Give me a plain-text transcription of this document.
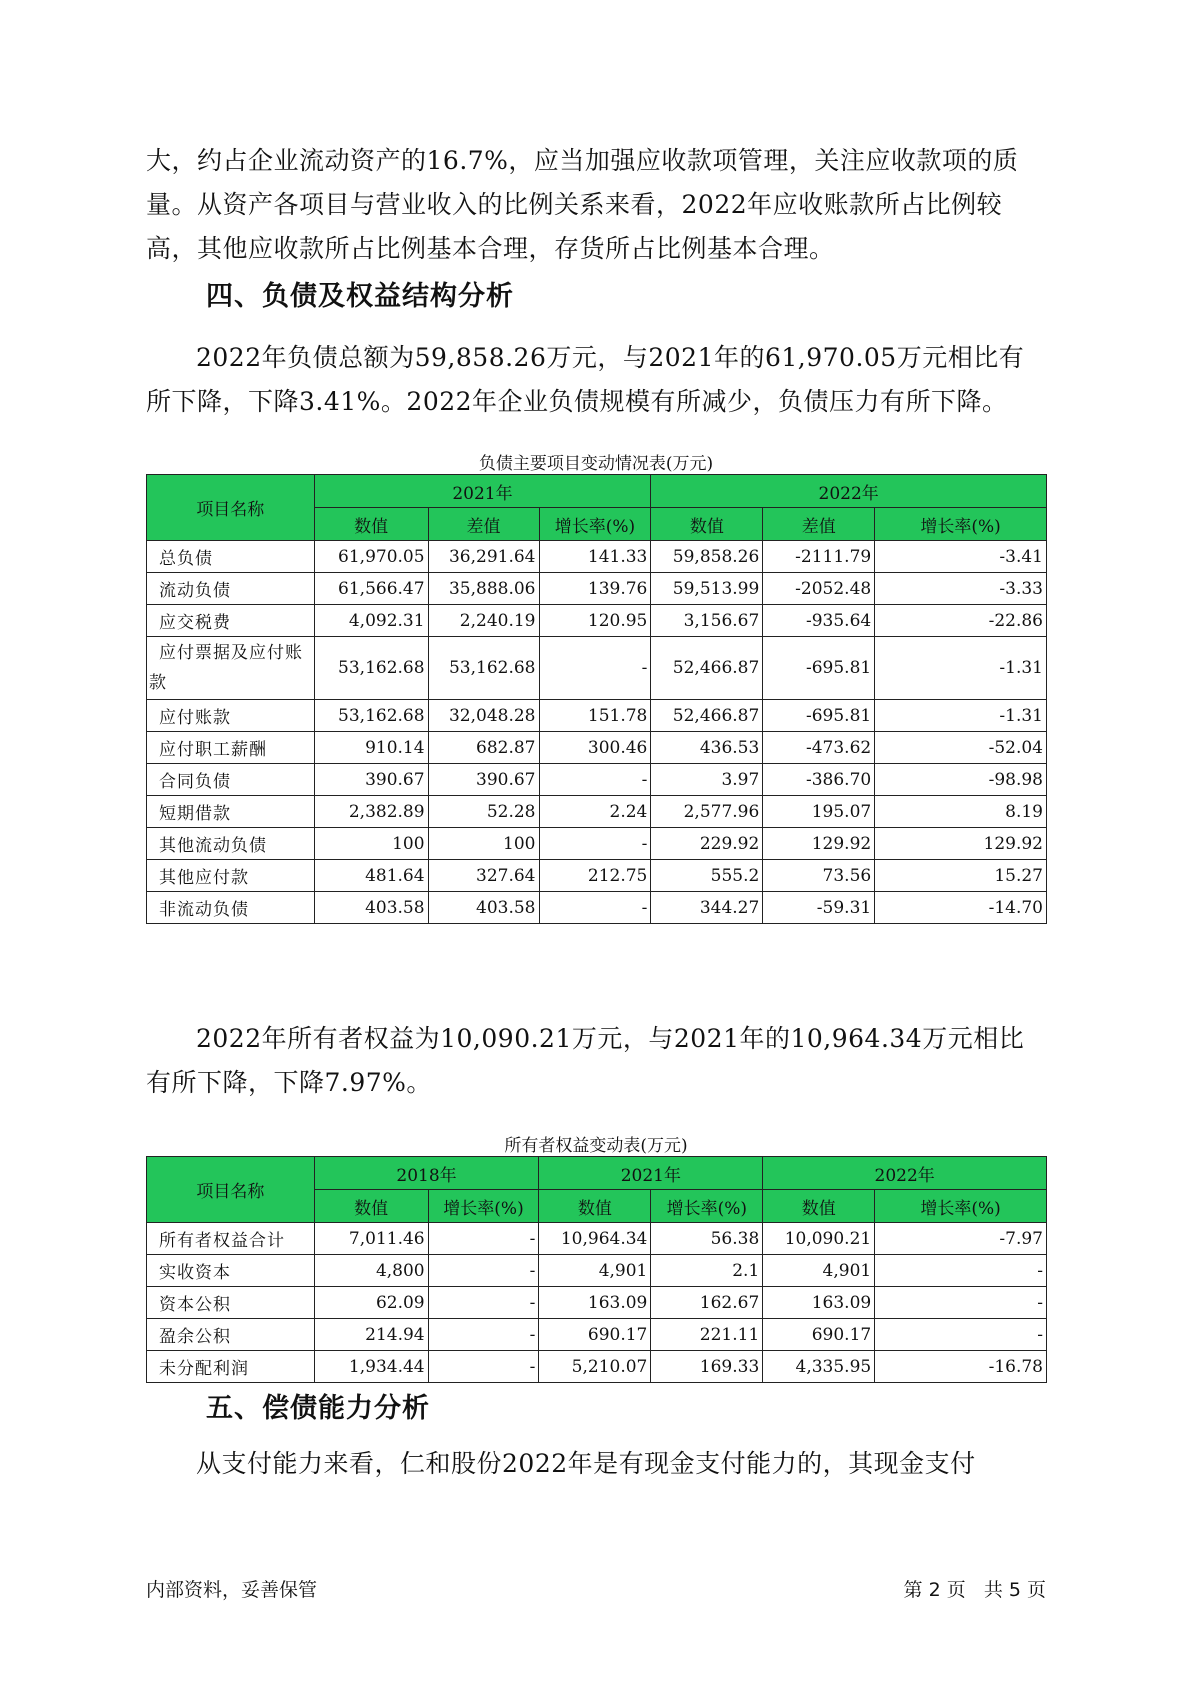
大，约占企业流动资产的16.7%，应当加强应收款项管理，关注应收款项的质量。从资产各项目与营业收入的比例关系来看，2022年应收账款所占比例较高，其他应收款所占比例基本合理，存货所占比例基本合理。

四、负债及权益结构分析

2022年负债总额为59,858.26万元，与2021年的61,970.05万元相比有所下降，下降3.41%。2022年企业负债规模有所减少，负债压力有所下降。

负债主要项目变动情况表(万元)
项目名称	2021年			2022年		
	数值	差值	增长率(%)	数值	差值	增长率(%)
总负债	61,970.05	36,291.64	141.33	59,858.26	-2111.79	-3.41
流动负债	61,566.47	35,888.06	139.76	59,513.99	-2052.48	-3.33
应交税费	4,092.31	2,240.19	120.95	3,156.67	-935.64	-22.86
应付票据及应付账款	53,162.68	53,162.68	-	52,466.87	-695.81	-1.31
应付账款	53,162.68	32,048.28	151.78	52,466.87	-695.81	-1.31
应付职工薪酬	910.14	682.87	300.46	436.53	-473.62	-52.04
合同负债	390.67	390.67	-	3.97	-386.70	-98.98
短期借款	2,382.89	52.28	2.24	2,577.96	195.07	8.19
其他流动负债	100	100	-	229.92	129.92	129.92
其他应付款	481.64	327.64	212.75	555.2	73.56	15.27
非流动负债	403.58	403.58	-	344.27	-59.31	-14.70

2022年所有者权益为10,090.21万元，与2021年的10,964.34万元相比有所下降，下降7.97%。

所有者权益变动表(万元)
项目名称	2018年		2021年		2022年	
	数值	增长率(%)	数值	增长率(%)	数值	增长率(%)
所有者权益合计	7,011.46	-	10,964.34	56.38	10,090.21	-7.97
实收资本	4,800	-	4,901	2.1	4,901	-
资本公积	62.09	-	163.09	162.67	163.09	-
盈余公积	214.94	-	690.17	221.11	690.17	-
未分配利润	1,934.44	-	5,210.07	169.33	4,335.95	-16.78
五、偿债能力分析

从支付能力来看，仁和股份2022年是有现金支付能力的，其现金支付

内部资料，妥善保管	第 2 页   共 5 页
